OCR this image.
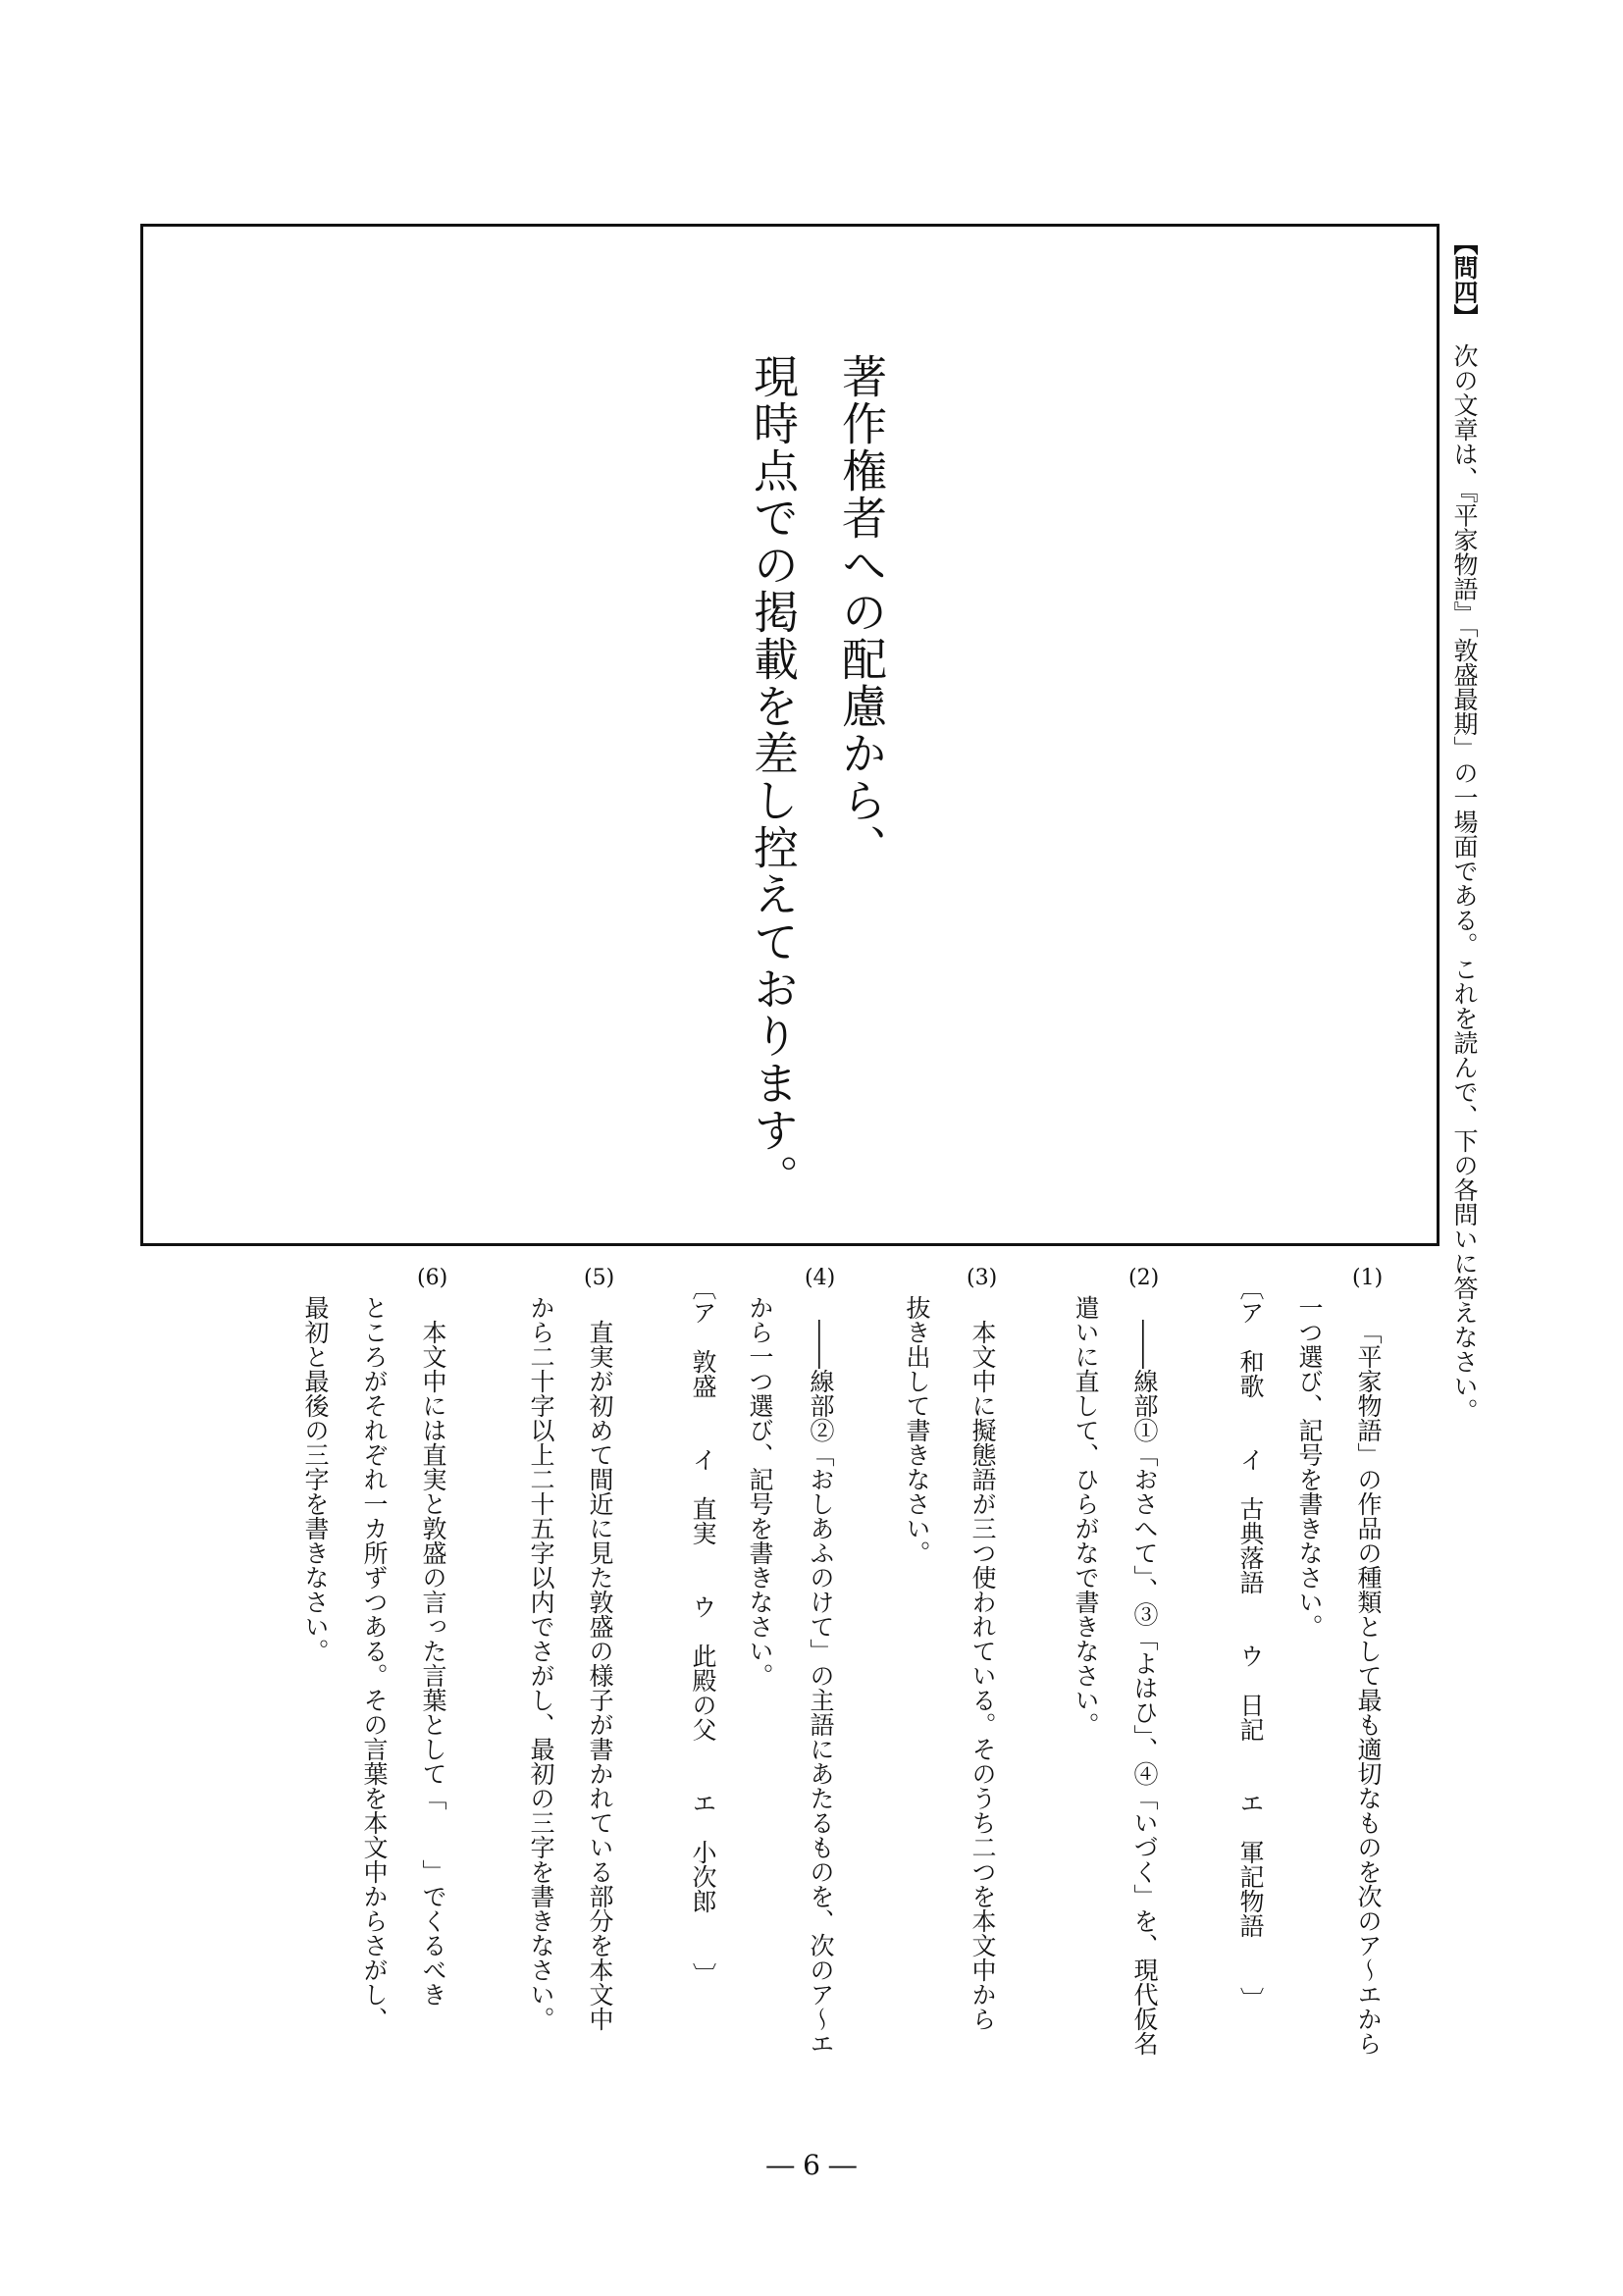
【問四】
次の文章は、『平家物語』「敦盛最期」の一場面である。これを読んで、下の各問いに答えなさい。
著作権者への配慮から、
現時点での掲載を差し控えております。
(1)
「平家物語」の作品の種類として最も適切なものを次のア～エから
一つ選び、記号を書きなさい。
〔ア　和歌　　イ　古典落語　　ウ　日記　　エ　軍記物語　　〕
(2)
――線部①「おさへて」、③「よはひ」、④「いづく」を、現代仮名
遣いに直して、ひらがなで書きなさい。
(3)
本文中に擬態語が三つ使われている。そのうち二つを本文中から
抜き出して書きなさい。
(4)
――線部②「おしあふのけて」の主語にあたるものを、次のア～エ
から一つ選び、記号を書きなさい。
〔ア　敦盛　　イ　直実　　ウ　此殿の父　　エ　小次郎　　〕
(5)
直実が初めて間近に見た敦盛の様子が書かれている部分を本文中
から二十字以上二十五字以内でさがし、最初の三字を書きなさい。
(6)
本文中には直実と敦盛の言った言葉として「　　」でくるべき
ところがそれぞれ一カ所ずつある。その言葉を本文中からさがし、
最初と最後の三字を書きなさい。
― 6 ―
